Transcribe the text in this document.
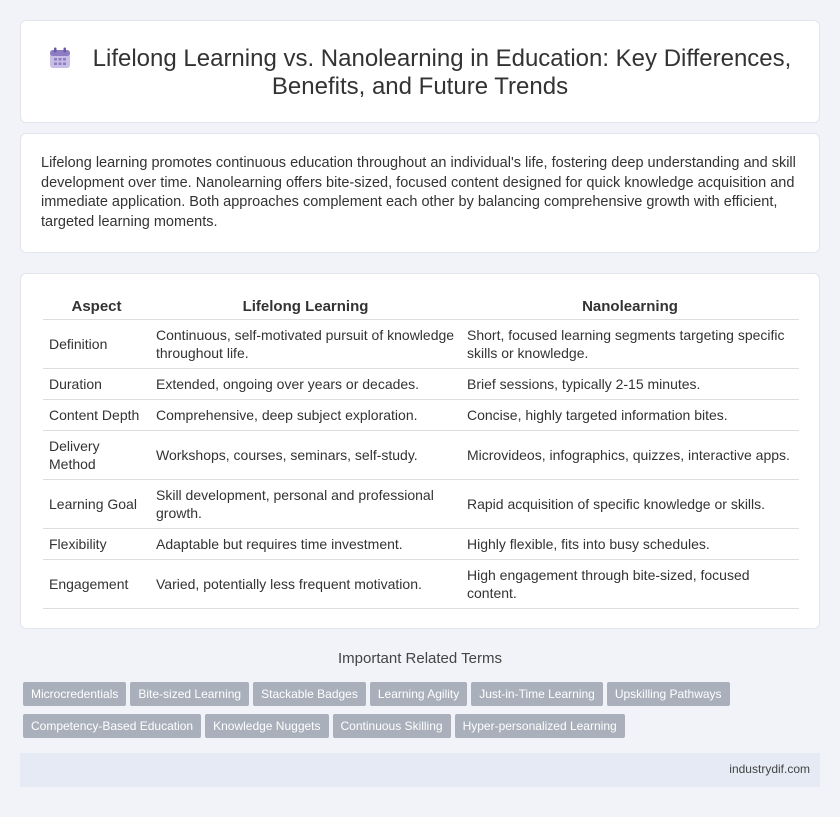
Lifelong Learning vs. Nanolearning in Education: Key Differences,
Benefits, and Future Trends
Lifelong learning promotes continuous education throughout an individual's life, fostering deep understanding and skill development over time. Nanolearning offers bite-sized, focused content designed for quick knowledge acquisition and immediate application. Both approaches complement each other by balancing comprehensive growth with efficient, targeted learning moments.
Aspect	Lifelong Learning	Nanolearning
Definition	Continuous, self-motivated pursuit of knowledge throughout life.	Short, focused learning segments targeting specific skills or knowledge.
Duration	Extended, ongoing over years or decades.	Brief sessions, typically 2-15 minutes.
Content Depth	Comprehensive, deep subject exploration.	Concise, highly targeted information bites.
Delivery Method	Workshops, courses, seminars, self-study.	Microvideos, infographics, quizzes, interactive apps.
Learning Goal	Skill development, personal and professional growth.	Rapid acquisition of specific knowledge or skills.
Flexibility	Adaptable but requires time investment.	Highly flexible, fits into busy schedules.
Engagement	Varied, potentially less frequent motivation.	High engagement through bite-sized, focused content.
Important Related Terms
Microcredentials Bite-sized Learning Stackable Badges Learning Agility Just-in-Time Learning Upskilling Pathways
Competency-Based Education Knowledge Nuggets Continuous Skilling Hyper-personalized Learning
industrydif.com
